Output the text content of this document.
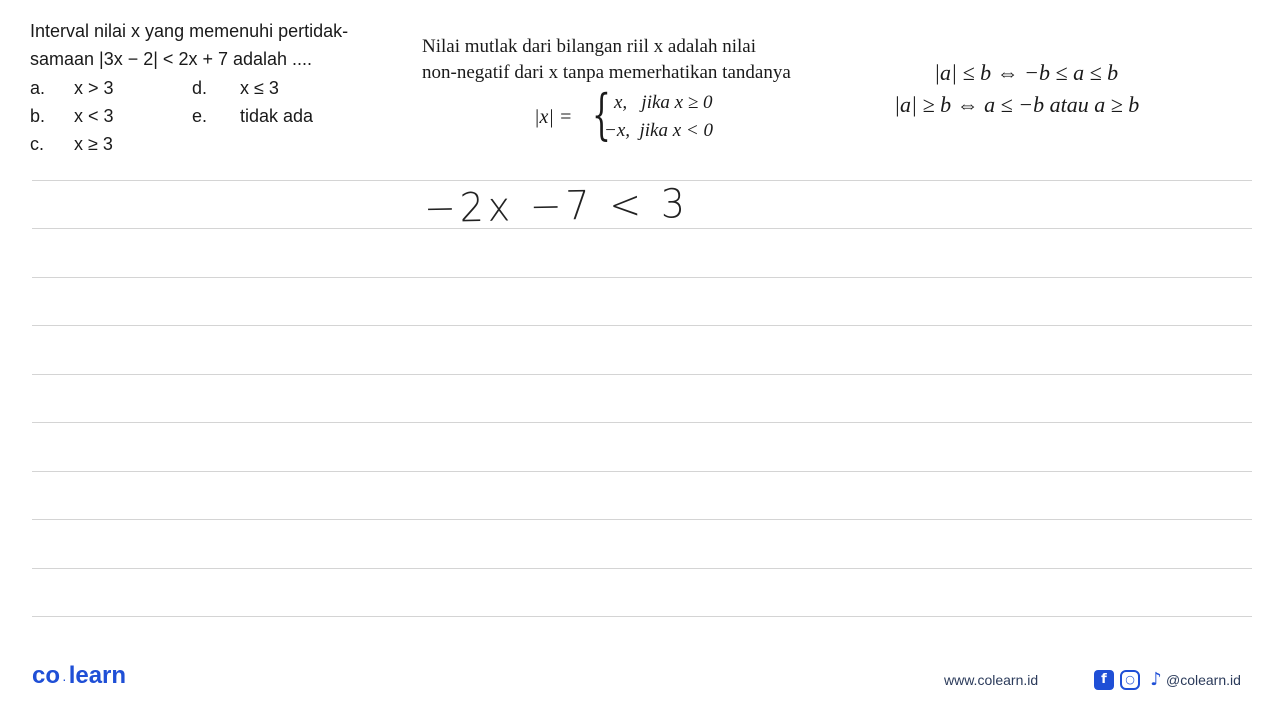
Interval nilai x yang memenuhi pertidak-
samaan |3x − 2| < 2x + 7 adalah ....
a. x > 3
b. x < 3
c. x ≥ 3
d. x ≤ 3
e. tidak ada
Nilai mutlak dari bilangan riil x adalah nilai
non-negatif dari x tanpa memerhatikan tandanya
|x| = { x,   jika x ≥ 0
−x,  jika x < 0
|a| ≤ b ⇔ −b ≤ a ≤ b
|a| ≥ b ⇔ a ≤ −b atau a ≥ b
−2x −7 < 3
co ·learn	www.colearn.id	f	○ ♪ @colearn.id
